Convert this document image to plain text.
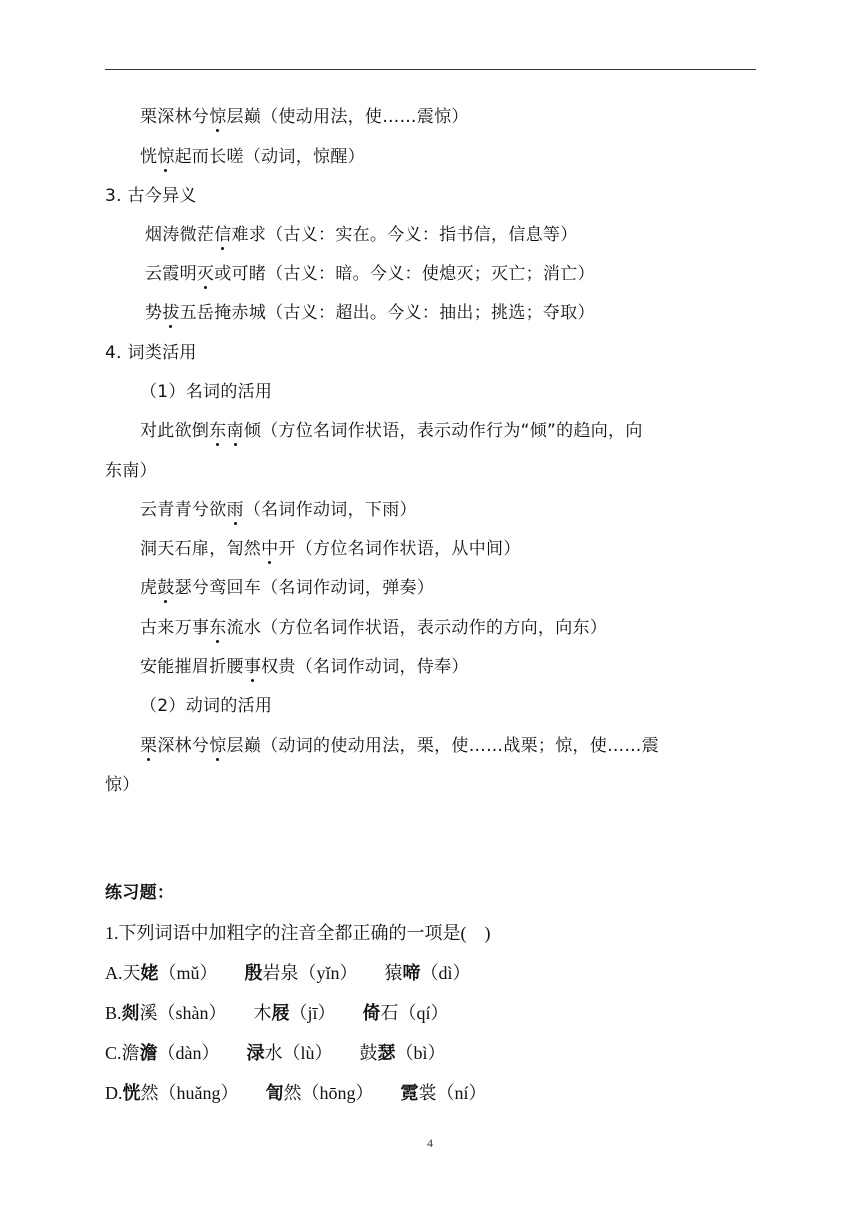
栗深林兮惊层巅（使动用法，使……震惊）
恍惊起而长嗟（动词，惊醒）
3. 古今异义
烟涛微茫信难求（古义：实在。今义：指书信，信息等）
云霞明灭或可睹（古义：暗。今义：使熄灭；灭亡；消亡）
势拔五岳掩赤城（古义：超出。今义：抽出；挑选；夺取）
4. 词类活用
（1）名词的活用
对此欲倒东南倾（方位名词作状语，表示动作行为“倾”的趋向，向
东南）
云青青兮欲雨（名词作动词，下雨）
洞天石扉，訇然中开（方位名词作状语，从中间）
虎鼓瑟兮鸾回车（名词作动词，弹奏）
古来万事东流水（方位名词作状语，表示动作的方向，向东）
安能摧眉折腰事权贵（名词作动词，侍奉）
（2）动词的活用
栗深林兮惊层巅（动词的使动用法，栗，使……战栗；惊，使……震
惊）
练习题：
1.下列词语中加粗字的注音全都正确的一项是(　)
A.天姥（mǔ）　　殷岩泉（yǐn）　　猿啼（dì）
B.剡溪（shàn）　　木屐（jī）　　倚石（qí）
C.澹澹（dàn）　　渌水（lù）　　鼓瑟（bì）
D.恍然（huǎng）　　訇然（hōng）　　霓裳（ní）
4
